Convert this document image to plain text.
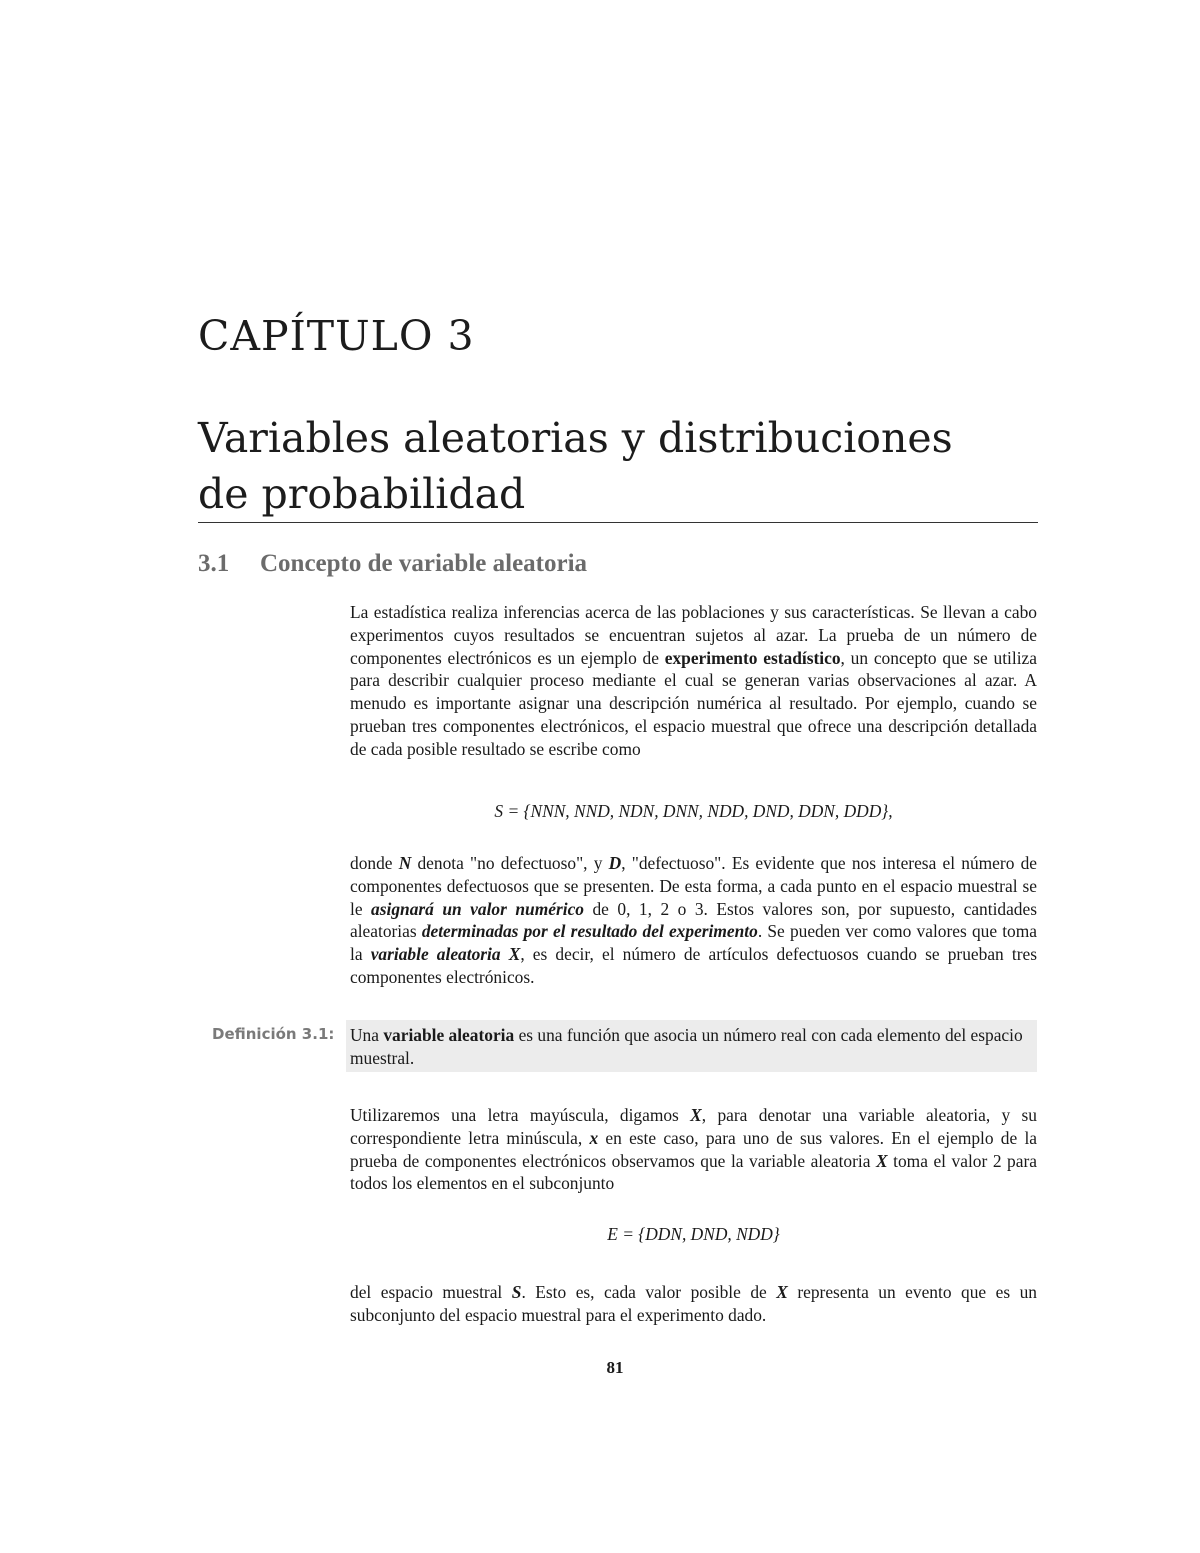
CAPÍTULO 3
Variables aleatorias y distribuciones
de probabilidad
3.1 Concepto de variable aleatoria

La estadística realiza inferencias acerca de las poblaciones y sus características. Se llevan a cabo experimentos cuyos resultados se encuentran sujetos al azar. La prueba de un número de componentes electrónicos es un ejemplo de experimento estadístico, un concepto que se utiliza para describir cualquier proceso mediante el cual se generan varias observaciones al azar. A menudo es importante asignar una descripción numérica al resultado. Por ejemplo, cuando se prueban tres componentes electrónicos, el espacio muestral que ofrece una descripción detallada de cada posible resultado se escribe como

S = {NNN, NND, NDN, DNN, NDD, DND, DDN, DDD},

donde N denota "no defectuoso", y D, "defectuoso". Es evidente que nos interesa el número de componentes defectuosos que se presenten. De esta forma, a cada punto en el espacio muestral se le asignará un valor numérico de 0, 1, 2 o 3. Estos valores son, por supuesto, cantidades aleatorias determinadas por el resultado del experimento. Se pueden ver como valores que toma la variable aleatoria X, es decir, el número de artículos defectuosos cuando se prueban tres componentes electrónicos.

Definición 3.1: Una variable aleatoria es una función que asocia un número real con cada elemento del espacio muestral.

Utilizaremos una letra mayúscula, digamos X, para denotar una variable aleatoria, y su correspondiente letra minúscula, x en este caso, para uno de sus valores. En el ejemplo de la prueba de componentes electrónicos observamos que la variable aleatoria X toma el valor 2 para todos los elementos en el subconjunto

E = {DDN, DND, NDD}

del espacio muestral S. Esto es, cada valor posible de X representa un evento que es un subconjunto del espacio muestral para el experimento dado.

81
